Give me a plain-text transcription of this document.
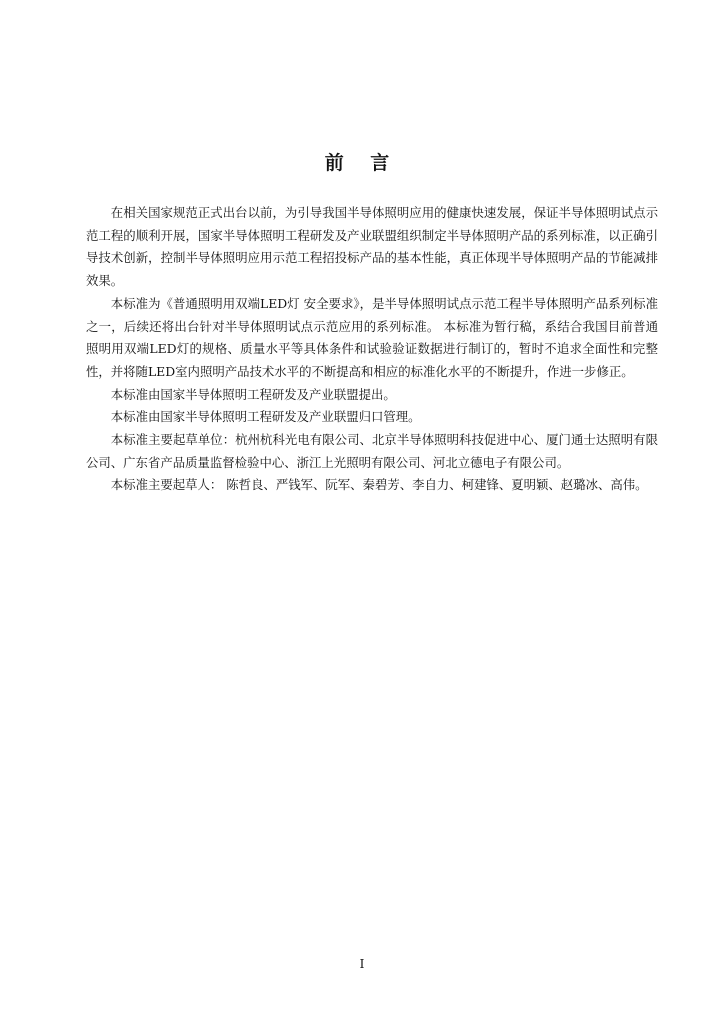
前 言

在相关国家规范正式出台以前，为引导我国半导体照明应用的健康快速发展，保证半导体照明试点示范工程的顺利开展，国家半导体照明工程研发及产业联盟组织制定半导体照明产品的系列标准，以正确引导技术创新，控制半导体照明应用示范工程招投标产品的基本性能，真正体现半导体照明产品的节能减排效果。

本标准为《普通照明用双端LED灯 安全要求》，是半导体照明试点示范工程半导体照明产品系列标准之一，后续还将出台针对半导体照明试点示范应用的系列标准。 本标准为暂行稿，系结合我国目前普通照明用双端LED灯的规格、质量水平等具体条件和试验验证数据进行制订的，暂时不追求全面性和完整性，并将随LED室内照明产品技术水平的不断提高和相应的标准化水平的不断提升，作进一步修正。

本标准由国家半导体照明工程研发及产业联盟提出。

本标准由国家半导体照明工程研发及产业联盟归口管理。

本标准主要起草单位：杭州杭科光电有限公司、北京半导体照明科技促进中心、厦门通士达照明有限公司、广东省产品质量监督检验中心、浙江上光照明有限公司、河北立德电子有限公司。

本标准主要起草人： 陈哲良、严钱军、阮军、秦碧芳、李自力、柯建锋、夏明颖、赵璐冰、高伟。

I
